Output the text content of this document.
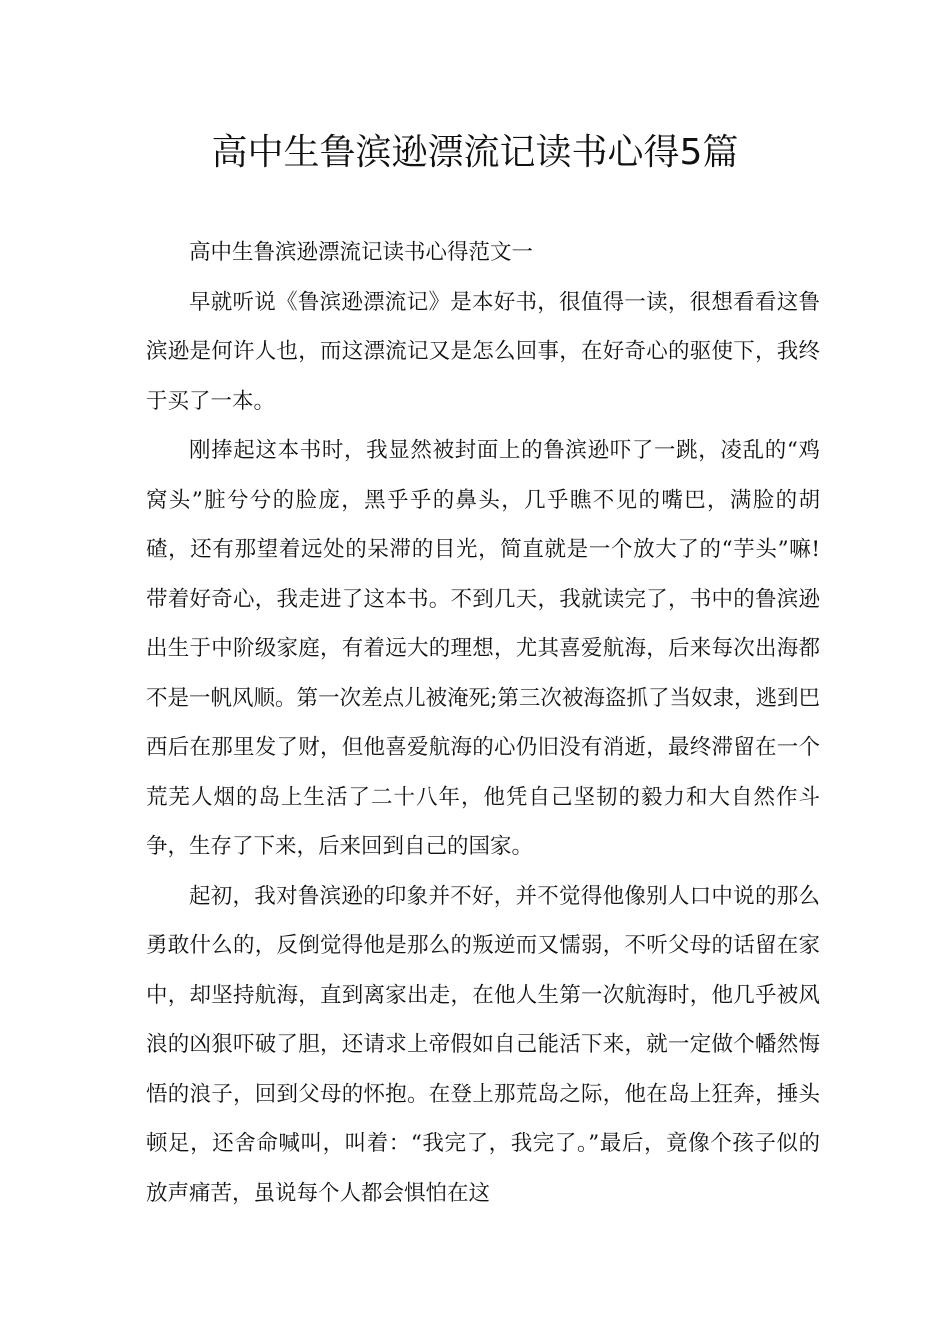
高中生鲁滨逊漂流记读书心得5篇

高中生鲁滨逊漂流记读书心得范文一

早就听说《鲁滨逊漂流记》是本好书，很值得一读，很想看看这鲁滨逊是何许人也，而这漂流记又是怎么回事，在好奇心的驱使下，我终于买了一本。

刚捧起这本书时，我显然被封面上的鲁滨逊吓了一跳，凌乱的“鸡窝头”脏兮兮的脸庞，黑乎乎的鼻头，几乎瞧不见的嘴巴，满脸的胡碴，还有那望着远处的呆滞的目光，简直就是一个放大了的“芋头”嘛!带着好奇心，我走进了这本书。不到几天，我就读完了，书中的鲁滨逊出生于中阶级家庭，有着远大的理想，尤其喜爱航海，后来每次出海都不是一帆风顺。第一次差点儿被淹死;第三次被海盗抓了当奴隶，逃到巴西后在那里发了财，但他喜爱航海的心仍旧没有消逝，最终滞留在一个荒芜人烟的岛上生活了二十八年，他凭自己坚韧的毅力和大自然作斗争，生存了下来，后来回到自己的国家。

起初，我对鲁滨逊的印象并不好，并不觉得他像别人口中说的那么勇敢什么的，反倒觉得他是那么的叛逆而又懦弱，不听父母的话留在家中，却坚持航海，直到离家出走，在他人生第一次航海时，他几乎被风浪的凶狠吓破了胆，还请求上帝假如自己能活下来，就一定做个幡然悔悟的浪子，回到父母的怀抱。在登上那荒岛之际，他在岛上狂奔，捶头顿足，还舍命喊叫，叫着：“我完了，我完了。”最后，竟像个孩子似的放声痛苦，虽说每个人都会惧怕在这
